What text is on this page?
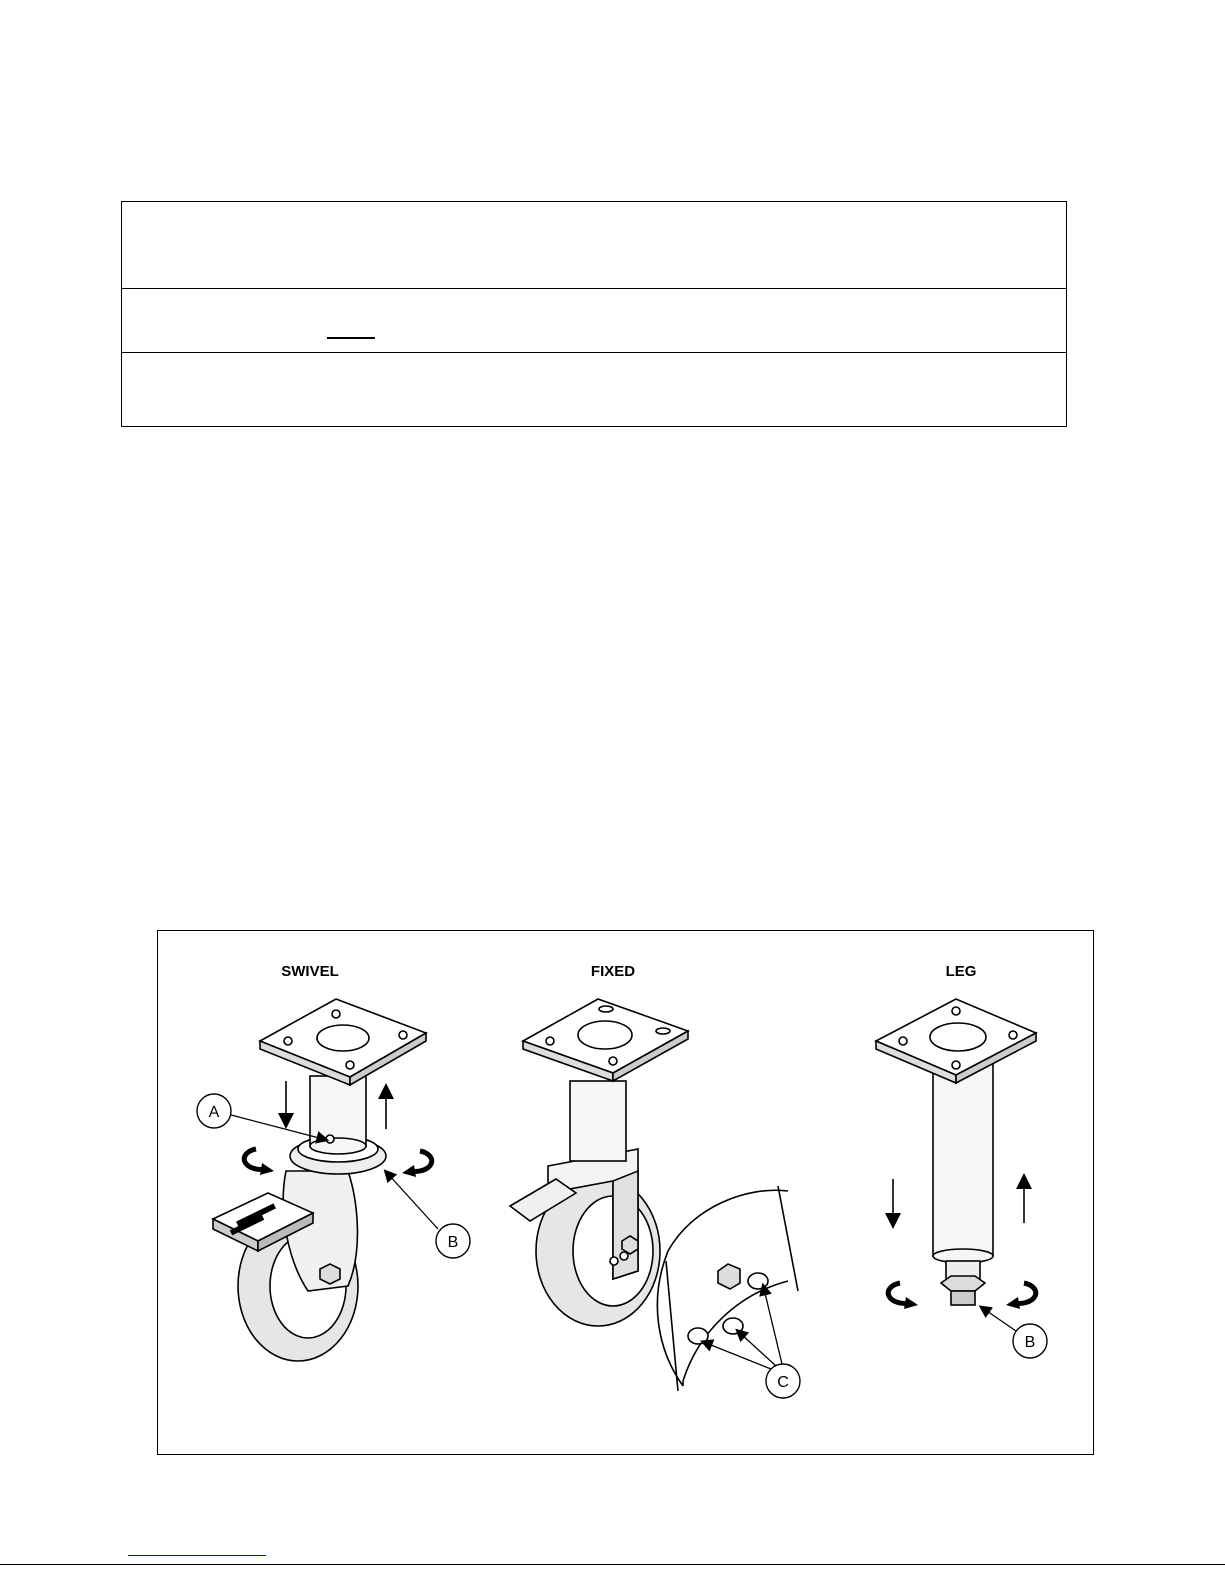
SWIVEL	FIXED	LEG
A
B
C
B
